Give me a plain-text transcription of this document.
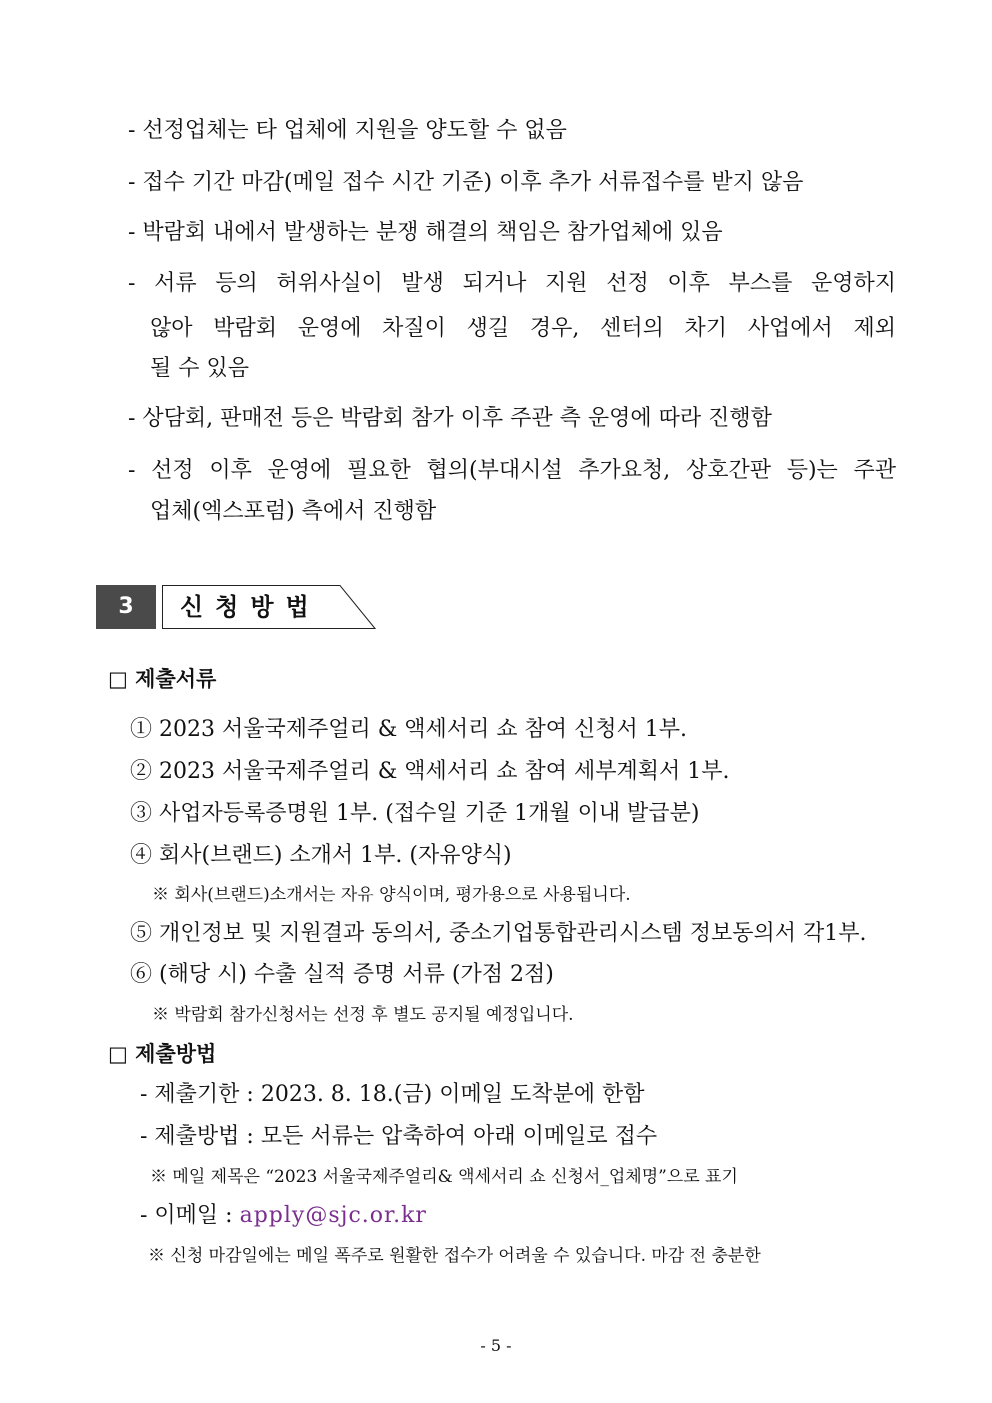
- 선정업체는 타 업체에 지원을 양도할 수 없음
- 접수 기간 마감(메일 접수 시간 기준) 이후 추가 서류접수를 받지 않음
- 박람회 내에서 발생하는 분쟁 해결의 책임은 참가업체에 있음
- 서류 등의 허위사실이 발생 되거나 지원 선정 이후 부스를 운영하지
않아 박람회 운영에 차질이 생길 경우, 센터의 차기 사업에서 제외
될 수 있음
- 상담회, 판매전 등은 박람회 참가 이후 주관 측 운영에 따라 진행함
- 선정 이후 운영에 필요한 협의(부대시설 추가요청, 상호간판 등)는 주관
업체(엑스포럼) 측에서 진행함
3	신청방법
□ 제출서류
① 2023 서울국제주얼리 & 액세서리 쇼 참여 신청서 1부.
② 2023 서울국제주얼리 & 액세서리 쇼 참여 세부계획서 1부.
③ 사업자등록증명원 1부. (접수일 기준 1개월 이내 발급분)
④ 회사(브랜드) 소개서 1부. (자유양식)
※ 회사(브랜드)소개서는 자유 양식이며, 평가용으로 사용됩니다.
⑤ 개인정보 및 지원결과 동의서, 중소기업통합관리시스템 정보동의서 각1부.
⑥ (해당 시) 수출 실적 증명 서류 (가점 2점)
※ 박람회 참가신청서는 선정 후 별도 공지될 예정입니다.
□ 제출방법
- 제출기한 : 2023. 8. 18.(금) 이메일 도착분에 한함
- 제출방법 : 모든 서류는 압축하여 아래 이메일로 접수
※ 메일 제목은 “2023 서울국제주얼리& 액세서리 쇼 신청서_업체명”으로 표기
- 이메일 : apply@sjc.or.kr
※ 신청 마감일에는 메일 폭주로 원활한 접수가 어려울 수 있습니다. 마감 전 충분한
- 5 -
